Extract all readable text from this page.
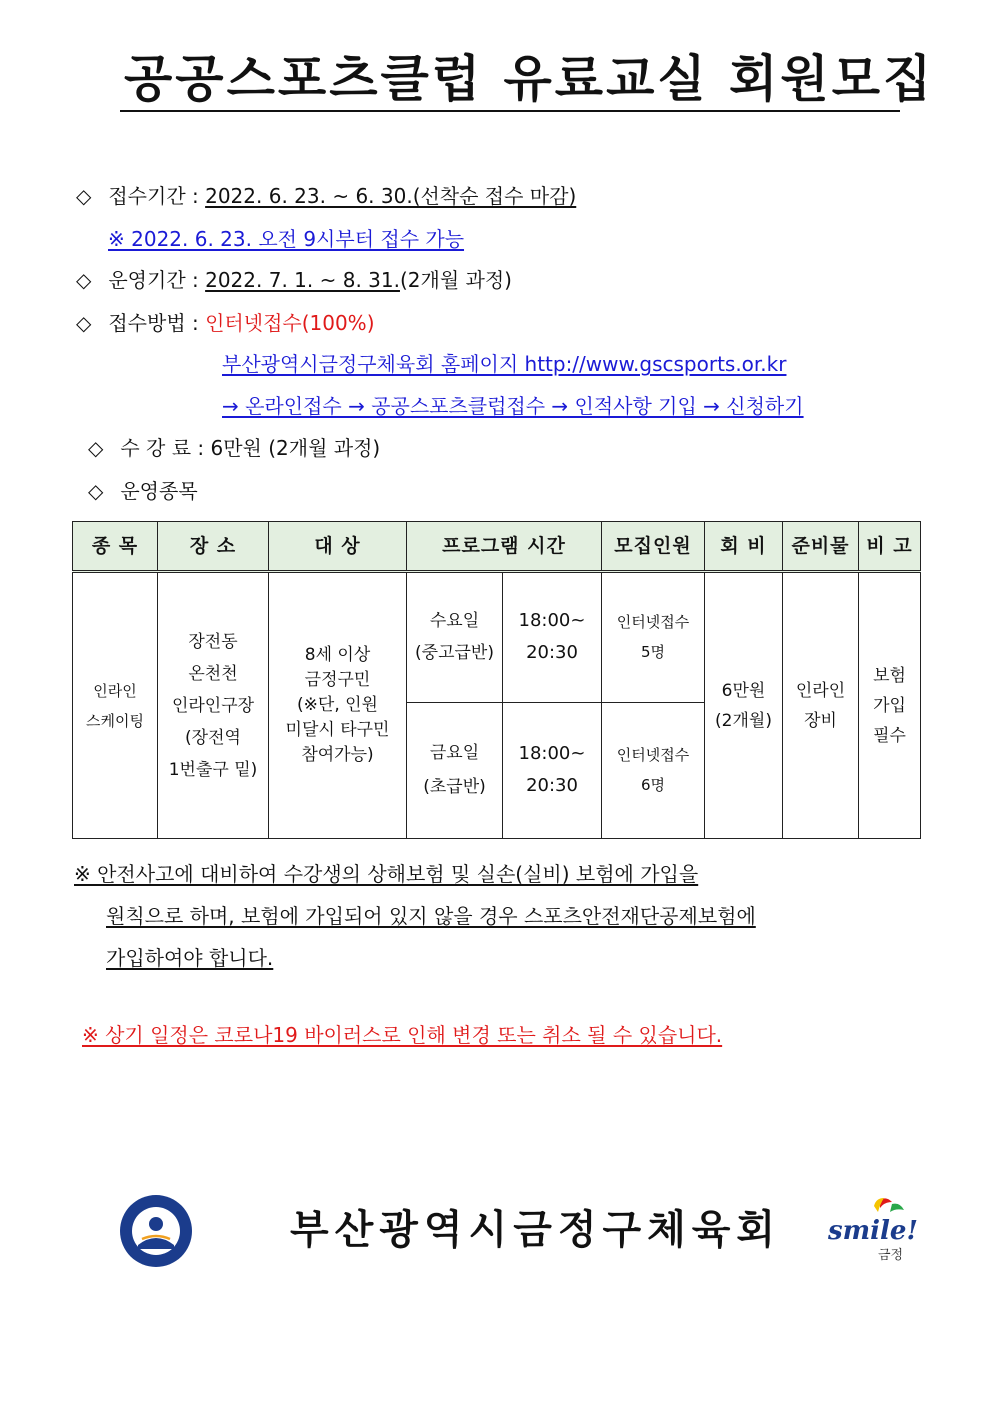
공공스포츠클럽 유료교실 회원모집
◇ 접수기간 : 2022. 6. 23. ~ 6. 30.(선착순 접수 마감)
※ 2022. 6. 23. 오전 9시부터 접수 가능
◇ 운영기간 : 2022. 7. 1. ~ 8. 31.(2개월 과정)
◇ 접수방법 : 인터넷접수(100%)
부산광역시금정구체육회 홈페이지 http://www.gscsports.or.kr
→ 온라인접수 → 공공스포츠클럽접수 → 인적사항 기입 → 신청하기
◇ 수 강 료 : 6만원 (2개월 과정)
◇ 운영종목
종 목	장 소	대 상	프로그램 시간		모집인원	회 비	준비물	비 고
인라인
스케이팅	장전동
온천천
인라인구장
(장전역
1번출구 밑)	8세 이상
금정구민
(※단, 인원
미달시 타구민
참여가능)	수요일
(중고급반)	18:00~
20:30	인터넷접수
5명	6만원
(2개월)	인라인
장비	보험
가입
필수
			금요일
(초급반)	18:00~
20:30	인터넷접수
6명			
※ 안전사고에 대비하여 수강생의 상해보험 및 실손(실비) 보험에 가입을
원칙으로 하며, 보험에 가입되어 있지 않을 경우 스포츠안전재단공제보험에
가입하여야 합니다.
※ 상기 일정은 코로나19 바이러스로 인해 변경 또는 취소 될 수 있습니다.
부산광역시금정구체육회 smile!
금정
